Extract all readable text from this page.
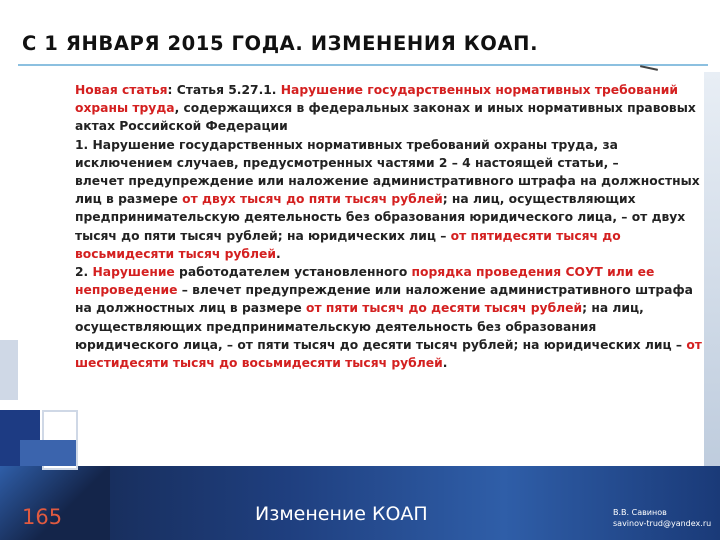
С 1 ЯНВАРЯ 2015 ГОДА. ИЗМЕНЕНИЯ КОАП.

Новая статья: Статья 5.27.1. Нарушение государственных нормативных требований охраны труда, содержащихся в федеральных законах и иных нормативных правовых актах Российской Федерации

1. Нарушение государственных нормативных требований охраны труда, за исключением случаев, предусмотренных частями 2 – 4 настоящей статьи, –
влечет предупреждение или наложение административного штрафа на должностных лиц в размере от двух тысяч до пяти тысяч рублей; на лиц, осуществляющих предпринимательскую деятельность без образования юридического лица, – от двух тысяч до пяти тысяч рублей; на юридических лиц – от пятидесяти тысяч до восьмидесяти тысяч рублей.

2. Нарушение работодателем установленного порядка проведения СОУТ или ее непроведение – влечет предупреждение или наложение административного штрафа на должностных лиц в размере от пяти тысяч до десяти тысяч рублей; на лиц, осуществляющих предпринимательскую деятельность без образования юридического лица, – от пяти тысяч до десяти тысяч рублей; на юридических лиц – от шестидесяти тысяч до восьмидесяти тысяч рублей.

165	Изменение КОАП	В.В. Савинов
savinov-trud@yandex.ru
